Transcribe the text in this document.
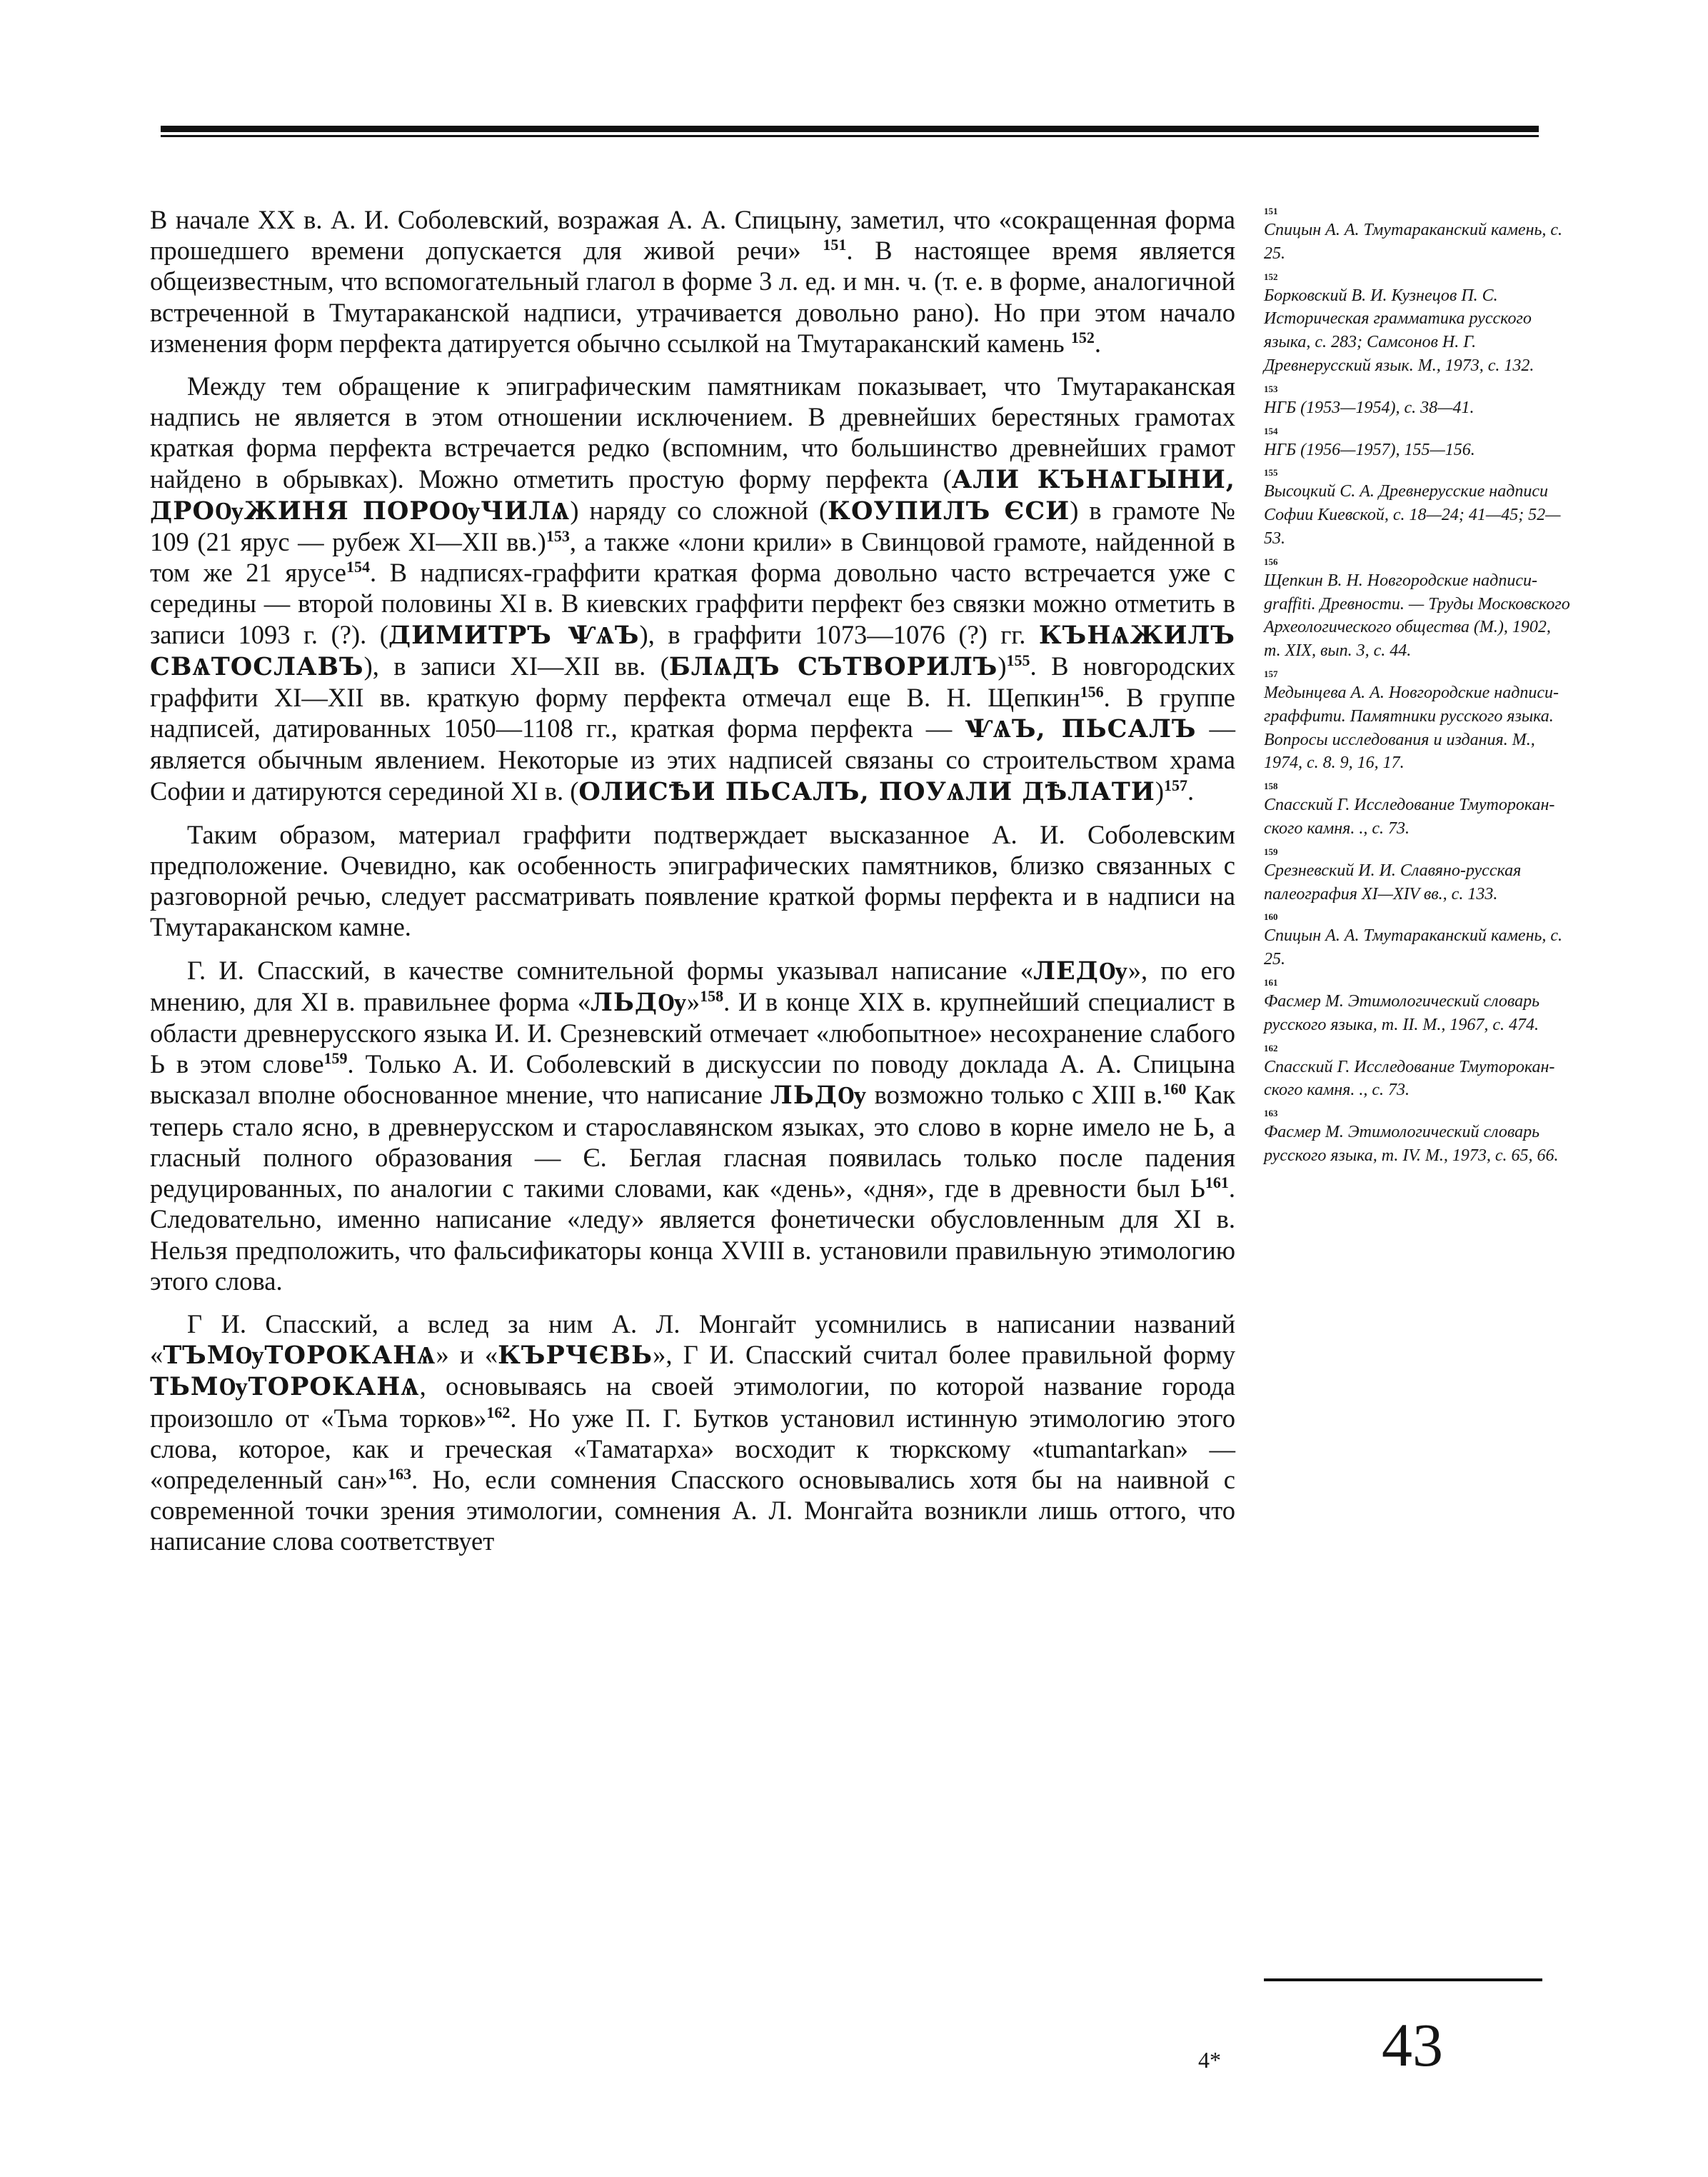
В начале XX в. А. И. Соболевский, возражая А. А. Спицыну, заметил, что «сокращенная форма прошедшего времени допускается для живой речи» $^{151}$. В настоящее время является общеизвестным, что вспомогательный глагол в форме 3 л. ед. и мн. ч. (т. е. в форме, аналогичной встреченной в Тмутараканской надписи, утрачивается довольно рано). Но при этом начало изменения форм перфекта датируется обычно ссылкой на Тмутараканский камень $^{152}$.

Между тем обращение к эпиграфическим памятникам показывает, что Тмутараканская надпись не является в этом отношении исключением. В древнейших берестяных грамотах краткая форма перфекта встречается редко (вспомним, что большинство древнейших грамот найдено в обрывках). Можно отметить простую форму перфекта (АЛИ КЪНѦГЫНИ, ДРОѸЖИНЯ ПОРОѸЧИЛѦ) наряду со сложной (КОУПИЛЪ ЄСИ) в грамоте № 109 (21 ярус — рубеж XI—XII вв.)$^{153}$, а также «лони крили» в Свинцовой грамоте, найденной в том же 21 ярусе$^{154}$. В надписях-граффити краткая форма довольно часто встречается уже с середины — второй половины XI в. В киевских граффити перфект без связки можно отметить в записи 1093 г. (?). (ДИМИТРЪ ѰѦЪ), в граффити 1073—1076 (?) гг. КЪНѦЖИЛЪ СВѦТОСЛАВЪ), в записи XI—XII вв. (БЛѦДЪ СЪТВОРИЛЪ)$^{155}$. В новгородских граффити XI—XII вв. краткую форму перфекта отмечал еще В. Н. Щепкин$^{156}$. В группе надписей, датированных 1050—1108 гг., краткая форма перфекта — ѰѦЪ, ПЬСАЛЪ — является обычным явлением. Некоторые из этих надписей связаны со строительством храма Софии и датируются серединой XI в. (ОЛИСѢИ ПЬСАЛЪ, ПОУѦЛИ ДѢЛАТИ)$^{157}$.

Таким образом, материал граффити подтверждает высказанное А. И. Соболевским предположение. Очевидно, как особенность эпиграфических памятников, близко связанных с разговорной речью, следует рассматривать появление краткой формы перфекта и в надписи на Тмутараканском камне.

Г. И. Спасский, в качестве сомнительной формы указывал написание «ЛЕДѸ», по его мнению, для XI в. правильнее форма «ЛЬДѸ»$^{158}$. И в конце XIX в. крупнейший специалист в области древнерусского языка И. И. Срезневский отмечает «любопытное» несохранение слабого Ь в этом слове$^{159}$. Только А. И. Соболевский в дискуссии по поводу доклада А. А. Спицына высказал вполне обоснованное мнение, что написание ЛЬДѸ возможно только с XIII в.$^{160}$ Как теперь стало ясно, в древнерусском и старославянском языках, это слово в корне имело не Ь, а гласный полного образования — Є. Беглая гласная появилась только после падения редуцированных, по аналогии с такими словами, как «день», «дня», где в древности был $Ь^{161}$. Следовательно, именно написание «леду» является фонетически обусловленным для XI в. Нельзя предположить, что фальсификаторы конца XVIII в. установили правильную этимологию этого слова.

Г И. Спасский, а вслед за ним А. Л. Монгайт усомнились в написании названий «ТЪМѸТОРОКАНѦ» и «КЪРЧЄВЬ», Г И. Спасский считал более правильной форму ТЬМѸТОРОКАНѦ, основываясь на своей этимологии, по которой название города произошло от «Тьма торков»$^{162}$. Но уже П. Г. Бутков установил истинную этимологию этого слова, которое, как и греческая «Таматарха» восходит к тюркскому «tumantarkan» — «определенный сан»$^{163}$. Но, если сомнения Спасского основывались хотя бы на наивной с современной точки зрения этимологии, сомнения А. Л. Монгайта возникли лишь оттого, что написание слова соответствует

151
Спицын А. А. Тмутараканский камень, с. 25.
152
Борковский В. И. Кузнецов П. С. Историческая грамматика русского языка, с. 283; Самсонов Н. Г. Древнерусский язык. М., 1973, с. 132.
153
НГБ (1953—1954), с. 38—41.
154
НГБ (1956—1957), 155—156.
155
Высоцкий С. А. Древнерусские надписи Софии Киевской, с. 18—24; 41—45; 52—53.
156
Щепкин В. Н. Новгородские надписи-graffiti. Древности. — Труды Московского Археологического общества (М.), 1902, т. XIX, вып. 3, с. 44.
157
Медынцева А. А. Новгородские надписи-граффити. Памятники русского языка. Вопросы исследования и издания. М., 1974, с. 8. 9, 16, 17.
158
Спасский Г. Исследование Тмуторокан-ского камня. ., с. 73.
159
Срезневский И. И. Славяно-русская палеография XI—XIV вв., с. 133.
160
Спицын А. А. Тмутараканский камень, с. 25.
161
Фасмер М. Этимологический словарь русского языка, т. II. М., 1967, с. 474.
162
Спасский Г. Исследование Тмуторокан-ского камня. ., с. 73.
163
Фасмер М. Этимологический словарь русского языка, т. IV. М., 1973, с. 65, 66.
4*	43
